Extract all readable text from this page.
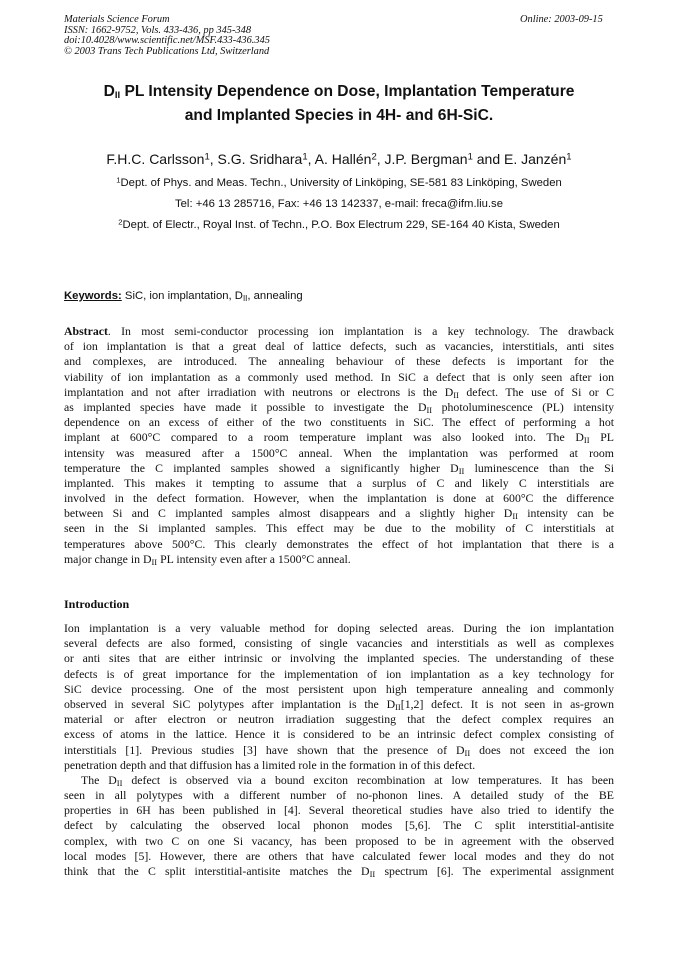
Materials Science Forum
ISSN: 1662-9752, Vols. 433-436, pp 345-348
doi:10.4028/www.scientific.net/MSF.433-436.345
© 2003 Trans Tech Publications Ltd, Switzerland
Online: 2003-09-15
$D_{II}$ PL Intensity Dependence on Dose, Implantation Temperature
and Implanted Species in 4H- and 6H-SiC.
F.H.C. Carlsson$^1$, S.G. Sridhara$^1$, A. Hallén$^2$, J.P. Bergman$^1$ and E. Janzén$^1$
$^1$Dept. of Phys. and Meas. Techn., University of Linköping, SE-581 83 Linköping, Sweden
Tel: +46 13 285716, Fax: +46 13 142337, e-mail: freca@ifm.liu.se
$^2$Dept. of Electr., Royal Inst. of Techn., P.O. Box Electrum 229, SE-164 40 Kista, Sweden
Keywords: SiC, ion implantation, $D_{II}$, annealing
Abstract. In most semi-conductor processing ion implantation is a key technology. The drawback
of ion implantation is that a great deal of lattice defects, such as vacancies, interstitials, anti sites
and complexes, are introduced. The annealing behaviour of these defects is important for the
viability of ion implantation as a commonly used method. In SiC a defect that is only seen after ion
implantation and not after irradiation with neutrons or electrons is the $D_{II}$ defect. The use of Si or C
as implanted species have made it possible to investigate the $D_{II}$ photoluminescence (PL) intensity
dependence on an excess of either of the two constituents in SiC. The effect of performing a hot
implant at 600°C compared to a room temperature implant was also looked into. The $D_{II}$ PL
intensity was measured after a 1500°C anneal. When the implantation was performed at room
temperature the C implanted samples showed a significantly higher $D_{II}$ luminescence than the Si
implanted. This makes it tempting to assume that a surplus of C and likely C interstitials are
involved in the defect formation. However, when the implantation is done at 600°C the difference
between Si and C implanted samples almost disappears and a slightly higher $D_{II}$ intensity can be
seen in the Si implanted samples. This effect may be due to the mobility of C interstitials at
temperatures above 500°C. This clearly demonstrates the effect of hot implantation that there is a
major change in $D_{II}$ PL intensity even after a 1500°C anneal.
Introduction
Ion implantation is a very valuable method for doping selected areas. During the ion implantation
several defects are also formed, consisting of single vacancies and interstitials as well as complexes
or anti sites that are either intrinsic or involving the implanted species. The understanding of these
defects is of great importance for the implementation of ion implantation as a key technology for
SiC device processing. One of the most persistent upon high temperature annealing and commonly
observed in several SiC polytypes after implantation is the $D_{II}[1,2]$ defect. It is not seen in as-grown
material or after electron or neutron irradiation suggesting that the defect complex requires an
excess of atoms in the lattice. Hence it is considered to be an intrinsic defect complex consisting of
interstitials [1]. Previous studies [3] have shown that the presence of $D_{II}$ does not exceed the ion
penetration depth and that diffusion has a limited role in the formation in of this defect.
The $D_{II}$ defect is observed via a bound exciton recombination at low temperatures. It has been
seen in all polytypes with a different number of no-phonon lines. A detailed study of the BE
properties in 6H has been published in [4]. Several theoretical studies have also tried to identify the
defect by calculating the observed local phonon modes [5,6]. The C split interstitial-antisite
complex, with two C on one Si vacancy, has been proposed to be in agreement with the observed
local modes [5]. However, there are others that have calculated fewer local modes and they do not
think that the C split interstitial-antisite matches the $D_{II}$ spectrum [6]. The experimental assignment
